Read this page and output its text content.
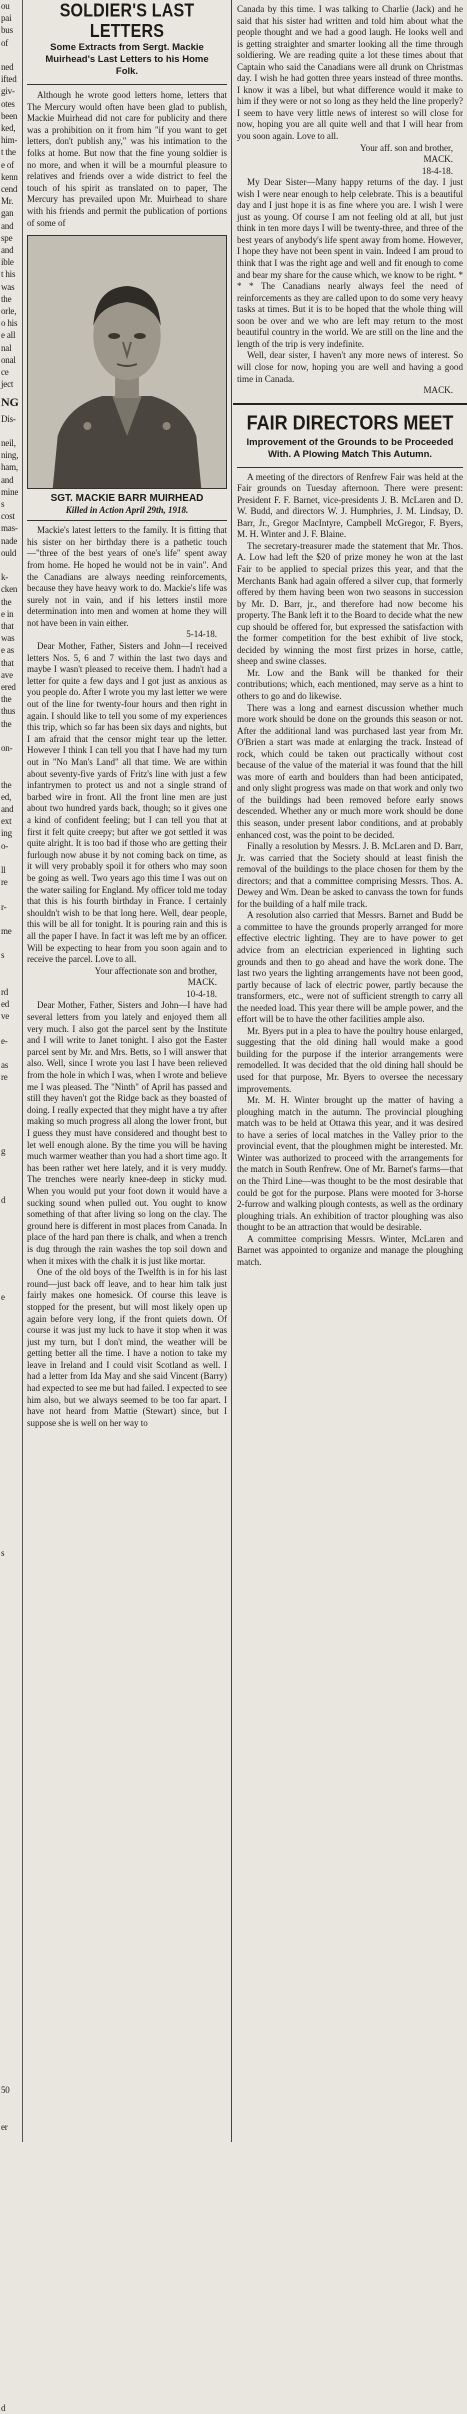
ou
pai
bus
of

ned
ifted
giv-
otes
been
ked,
him-
t the
e of
kenn
cend
Mr.
gan
and
spe
and
ible
t his
was
the
orle,
o his
e all
nal
onal
ce
ject
NG
Dis-

neil,
ning,
ham,
and
mine
s
cost
mas-
nade
ould

k-
cken
the
e in
that
was
e as
that
ave
ered
the
thus
the

on-

the
ed,
and
ext
ing
o-

ll
re

r-

me

s

rd
ed
ve

e-

as
re

g

d

e

s

50

er

d
SOLDIER'S LAST LETTERS
Some Extracts from Sergt. Mackie Muirhead's Last Letters to his Home Folk.

Although he wrote good letters home, letters that The Mercury would often have been glad to publish, Mackie Muirhead did not care for publicity and there was a prohibition on it from him "if you want to get letters, don't publish any," was his intimation to the folks at home. But now that the fine young soldier is no more, and when it will be a mournful pleasure to relatives and friends over a wide district to feel the touch of his spirit as translated on to paper, The Mercury has prevailed upon Mr. Muirhead to share with his friends and permit the publication of portions of some of

SGT. MACKIE BARR MUIRHEAD
Killed in Action April 29th, 1918.

Mackie's latest letters to the family. It is fitting that his sister on her birthday there is a pathetic touch—"three of the best years of one's life" spent away from home. He hoped he would not be in vain". And the Canadians are always needing reinforcements, because they have heavy work to do. Mackie's life was surely not in vain, and if his letters instil more determination into men and women at home they will not have been in vain either.

5-14-18.

Dear Mother, Father, Sisters and John—I received letters Nos. 5, 6 and 7 within the last two days and maybe I wasn't pleased to receive them. I hadn't had a letter for quite a few days and I got just as anxious as you people do. After I wrote you my last letter we were out of the line for twenty-four hours and then right in again. I should like to tell you some of my experiences this trip, which so far has been six days and nights, but I am afraid that the censor might tear up the letter. However I think I can tell you that I have had my turn out in "No Man's Land" all that time. We are within about seventy-five yards of Fritz's line with just a few infantrymen to protect us and not a single strand of barbed wire in front. All the front line men are just about two hundred yards back, though; so it gives one a kind of confident feeling; but I can tell you that at first it felt quite creepy; but after we got settled it was quite alright. It is too bad if those who are getting their furlough now abuse it by not coming back on time, as it will very probably spoil it for others who may soon be going as well. Two years ago this time I was out on the water sailing for England. My officer told me today that this is his fourth birthday in France. I certainly shouldn't wish to be that long here. Well, dear people, this will be all for tonight. It is pouring rain and this is all the paper I have. In fact it was left me by an officer. Will be expecting to hear from you soon again and to receive the parcel. Love to all.

Your affectionate son and brother,

MACK.

10-4-18.

Dear Mother, Father, Sisters and John—I have had several letters from you lately and enjoyed them all very much. I also got the parcel sent by the Institute and I will write to Janet tonight. I also got the Easter parcel sent by Mr. and Mrs. Betts, so I will answer that also. Well, since I wrote you last I have been relieved from the hole in which I was, when I wrote and believe me I was pleased. The "Ninth" of April has passed and still they haven't got the Ridge back as they boasted of doing. I really expected that they might have a try after making so much progress all along the lower front, but I guess they must have considered and thought best to let well enough alone. By the time you will be having much warmer weather than you had a short time ago. It has been rather wet here lately, and it is very muddy. The trenches were nearly knee-deep in sticky mud. When you would put your foot down it would have a sucking sound when pulled out. You ought to know something of that after living so long on the clay. The ground here is different in most places from Canada. In place of the hard pan there is chalk, and when a trench is dug through the rain washes the top soil down and when it mixes with the chalk it is just like mortar.

One of the old boys of the Twelfth is in for his last round—just back off leave, and to hear him talk just fairly makes one homesick. Of course this leave is stopped for the present, but will most likely open up again before very long, if the front quiets down. Of course it was just my luck to have it stop when it was just my turn, but I don't mind, the weather will be getting better all the time. I have a notion to take my leave in Ireland and I could visit Scotland as well. I had a letter from Ida May and she said Vincent (Barry) had expected to see me but had failed. I expected to see him also, but we always seemed to be too far apart. I have not heard from Mattie (Stewart) since, but I suppose she is well on her way to

Canada by this time. I was talking to Charlie (Jack) and he said that his sister had written and told him about what the people thought and we had a good laugh. He looks well and is getting straighter and smarter looking all the time through soldiering. We are reading quite a lot these times about that Captain who said the Canadians were all drunk on Christmas day. I wish he had gotten three years instead of three months. I know it was a libel, but what difference would it make to him if they were or not so long as they held the line properly? I seem to have very little news of interest so will close for now, hoping you are all quite well and that I will hear from you soon again. Love to all.

Your aff. son and brother,

MACK.

18-4-18.

My Dear Sister—Many happy returns of the day. I just wish I were near enough to help celebrate. This is a beautiful day and I just hope it is as fine where you are. I wish I were just as young. Of course I am not feeling old at all, but just think in ten more days I will be twenty-three, and three of the best years of anybody's life spent away from home. However, I hope they have not been spent in vain. Indeed I am proud to think that I was the right age and well and fit enough to come and bear my share for the cause which, we know to be right. * * * The Canadians nearly always feel the need of reinforcements as they are called upon to do some very heavy tasks at times. But it is to be hoped that the whole thing will soon be over and we who are left may return to the most beautiful country in the world. We are still on the line and the length of the trip is very indefinite.

Well, dear sister, I haven't any more news of interest. So will close for now, hoping you are well and having a good time in Canada.

MACK.

FAIR DIRECTORS MEET
Improvement of the Grounds to be Proceeded With. A Plowing Match This Autumn.

A meeting of the directors of Renfrew Fair was held at the Fair grounds on Tuesday afternoon. There were present: President F. F. Barnet, vice-presidents J. B. McLaren and D. W. Budd, and directors W. J. Humphries, J. M. Lindsay, D. Barr, Jr., Gregor MacIntyre, Campbell McGregor, F. Byers, M. H. Winter and J. F. Blaine.

The secretary-treasurer made the statement that Mr. Thos. A. Low had left the $20 of prize money he won at the last Fair to be applied to special prizes this year, and that the Merchants Bank had again offered a silver cup, that formerly offered by them having been won two seasons in succession by Mr. D. Barr, jr., and therefore had now become his property. The Bank left it to the Board to decide what the new cup should be offered for, but expressed the satisfaction with the former competition for the best exhibit of live stock, decided by winning the most first prizes in horse, cattle, sheep and swine classes.

Mr. Low and the Bank will be thanked for their contributions; which, each mentioned, may serve as a hint to others to go and do likewise.

There was a long and earnest discussion whether much more work should be done on the grounds this season or not. After the additional land was purchased last year from Mr. O'Brien a start was made at enlarging the track. Instead of rock, which could be taken out practically without cost because of the value of the material it was found that the hill was more of earth and boulders than had been anticipated, and only slight progress was made on that work and only two of the buildings had been removed before early snows descended. Whether any or much more work should be done this season, under present labor conditions, and at probably enhanced cost, was the point to be decided.

Finally a resolution by Messrs. J. B. McLaren and D. Barr, Jr. was carried that the Society should at least finish the removal of the buildings to the place chosen for them by the directors; and that a committee comprising Messrs. Thos. A. Dewey and Wm. Dean be asked to canvass the town for funds for the building of a half mile track.

A resolution also carried that Messrs. Barnet and Budd be a committee to have the grounds properly arranged for more effective electric lighting. They are to have power to get advice from an electrician experienced in lighting such grounds and then to go ahead and have the work done. The last two years the lighting arrangements have not been good, partly because of lack of electric power, partly because the transformers, etc., were not of sufficient strength to carry all the needed load. This year there will be ample power, and the effort will be to have the other facilities ample also.

Mr. Byers put in a plea to have the poultry house enlarged, suggesting that the old dining hall would make a good building for the purpose if the interior arrangements were remodelled. It was decided that the old dining hall should be used for that purpose, Mr. Byers to oversee the necessary improvements.

Mr. M. H. Winter brought up the matter of having a ploughing match in the autumn. The provincial ploughing match was to be held at Ottawa this year, and it was desired to have a series of local matches in the Valley prior to the provincial event, that the ploughmen might be interested. Mr. Winter was authorized to proceed with the arrangements for the match in South Renfrew. One of Mr. Barnet's farms—that on the Third Line—was thought to be the most desirable that could be got for the purpose. Plans were mooted for 3-horse 2-furrow and walking plough contests, as well as the ordinary ploughing trials. An exhibition of tractor ploughing was also thought to be an attraction that would be desirable.

A committee comprising Messrs. Winter, McLaren and Barnet was appointed to organize and manage the ploughing match.
